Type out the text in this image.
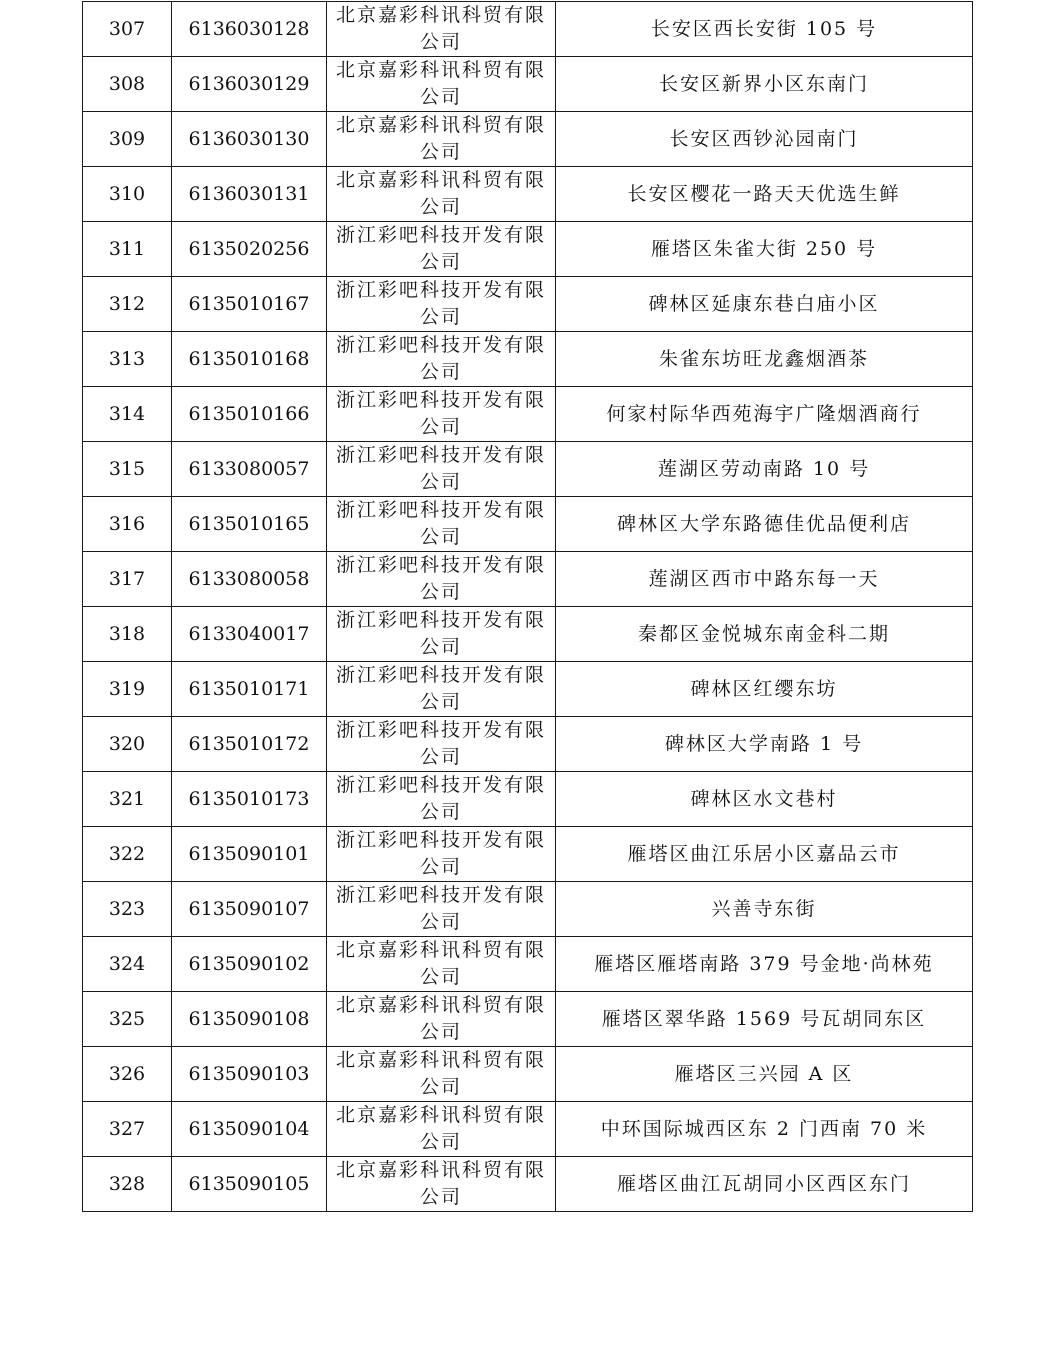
307	6136030128	北京嘉彩科讯科贸有限公司	长安区西长安街 105 号
308	6136030129	北京嘉彩科讯科贸有限公司	长安区新界小区东南门
309	6136030130	北京嘉彩科讯科贸有限公司	长安区西钞沁园南门
310	6136030131	北京嘉彩科讯科贸有限公司	长安区樱花一路天天优选生鲜
311	6135020256	浙江彩吧科技开发有限公司	雁塔区朱雀大街 250 号
312	6135010167	浙江彩吧科技开发有限公司	碑林区延康东巷白庙小区
313	6135010168	浙江彩吧科技开发有限公司	朱雀东坊旺龙鑫烟酒茶
314	6135010166	浙江彩吧科技开发有限公司	何家村际华西苑海宇广隆烟酒商行
315	6133080057	浙江彩吧科技开发有限公司	莲湖区劳动南路 10 号
316	6135010165	浙江彩吧科技开发有限公司	碑林区大学东路德佳优品便利店
317	6133080058	浙江彩吧科技开发有限公司	莲湖区西市中路东每一天
318	6133040017	浙江彩吧科技开发有限公司	秦都区金悦城东南金科二期
319	6135010171	浙江彩吧科技开发有限公司	碑林区红缨东坊
320	6135010172	浙江彩吧科技开发有限公司	碑林区大学南路 1 号
321	6135010173	浙江彩吧科技开发有限公司	碑林区水文巷村
322	6135090101	浙江彩吧科技开发有限公司	雁塔区曲江乐居小区嘉品云市
323	6135090107	浙江彩吧科技开发有限公司	兴善寺东街
324	6135090102	北京嘉彩科讯科贸有限公司	雁塔区雁塔南路 379 号金地·尚林苑
325	6135090108	北京嘉彩科讯科贸有限公司	雁塔区翠华路 1569 号瓦胡同东区
326	6135090103	北京嘉彩科讯科贸有限公司	雁塔区三兴园 A 区
327	6135090104	北京嘉彩科讯科贸有限公司	中环国际城西区东 2 门西南 70 米
328	6135090105	北京嘉彩科讯科贸有限公司	雁塔区曲江瓦胡同小区西区东门
